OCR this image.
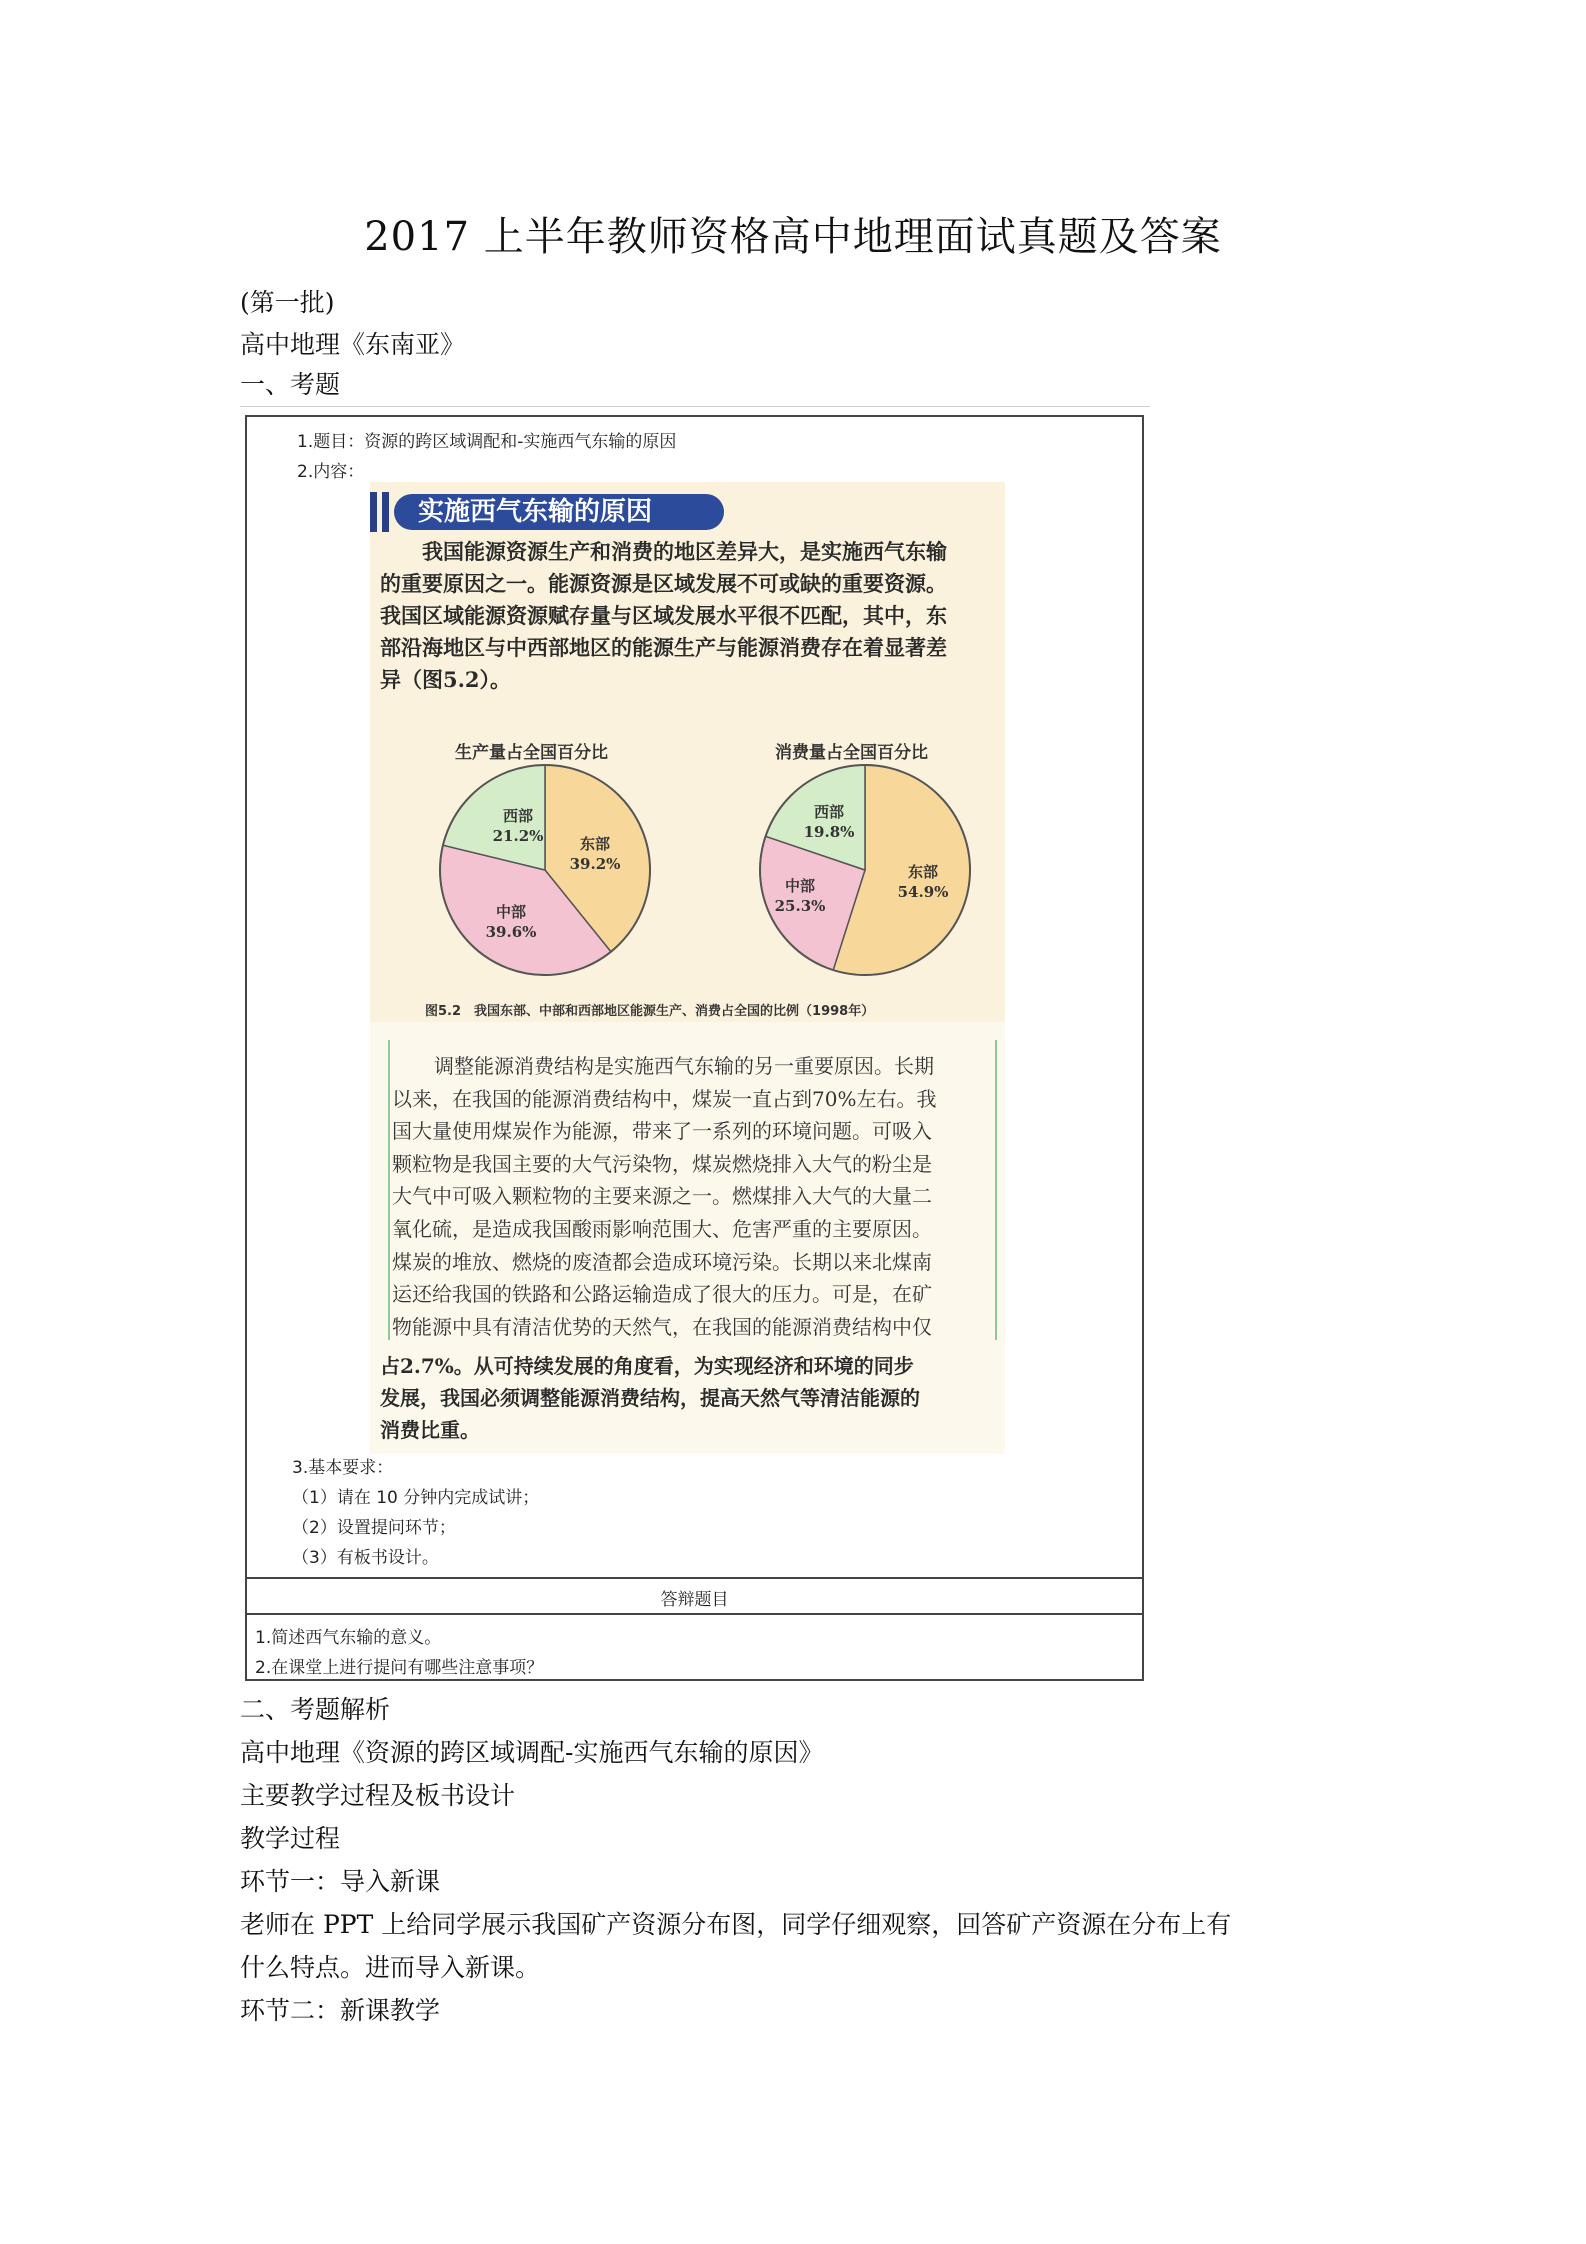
2017 上半年教师资格高中地理面试真题及答案
(第一批)
高中地理《东南亚》
一、考题
1.题目：资源的跨区域调配和-实施西气东输的原因
2.内容：
3.基本要求：
（1）请在 10 分钟内完成试讲；
（2）设置提问环节；
（3）有板书设计。
答辩题目
1.简述西气东输的意义。
2.在课堂上进行提问有哪些注意事项？
实施西气东输的原因
我国能源资源生产和消费的地区差异大，是实施西气东输
的重要原因之一。能源资源是区域发展不可或缺的重要资源。
我国区域能源资源赋存量与区域发展水平很不匹配，其中，东
部沿海地区与中西部地区的能源生产与能源消费存在着显著差
异（图5.2）。
生产量占全国百分比	消费量占全国百分比
西部
21.2%	东部
39.2%
中部
39.6%
西部
19.8%
东部
54.9%
中部
25.3%
图5.2　我国东部、中部和西部地区能源生产、消费占全国的比例（1998年）
调整能源消费结构是实施西气东输的另一重要原因。长期
以来，在我国的能源消费结构中，煤炭一直占到70%左右。我
国大量使用煤炭作为能源，带来了一系列的环境问题。可吸入
颗粒物是我国主要的大气污染物，煤炭燃烧排入大气的粉尘是
大气中可吸入颗粒物的主要来源之一。燃煤排入大气的大量二
氧化硫，是造成我国酸雨影响范围大、危害严重的主要原因。
煤炭的堆放、燃烧的废渣都会造成环境污染。长期以来北煤南
运还给我国的铁路和公路运输造成了很大的压力。可是，在矿
物能源中具有清洁优势的天然气，在我国的能源消费结构中仅
占2.7%。从可持续发展的角度看，为实现经济和环境的同步
发展，我国必须调整能源消费结构，提高天然气等清洁能源的
消费比重。
二、考题解析
高中地理《资源的跨区域调配-实施西气东输的原因》
主要教学过程及板书设计
教学过程
环节一：导入新课
老师在 PPT 上给同学展示我国矿产资源分布图，同学仔细观察，回答矿产资源在分布上有
什么特点。进而导入新课。
环节二：新课教学
